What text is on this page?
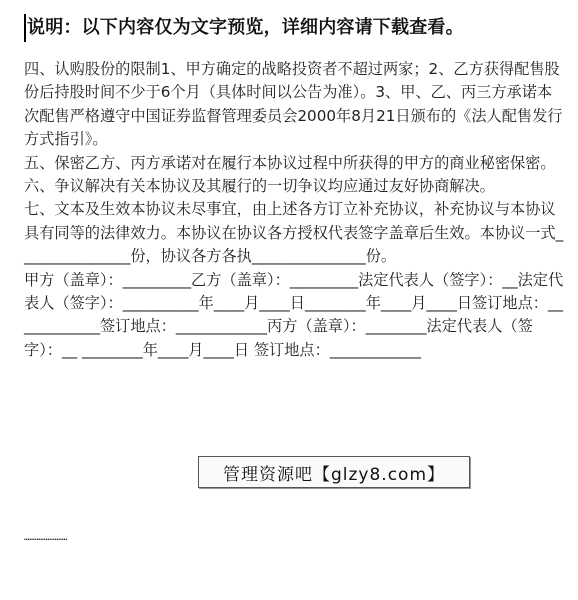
说明：以下内容仅为文字预览，详细内容请下载查看。

四、认购股份的限制1、甲方确定的战略投资者不超过两家；2、乙方获得配售股份后持股时间不少于6个月（具体时间以公告为准）。3、甲、乙、丙三方承诺本次配售严格遵守中国证券监督管理委员会2000年8月21日颁布的《法人配售发行方式指引》。

五、保密乙方、丙方承诺对在履行本协议过程中所获得的甲方的商业秘密保密。

六、争议解决有关本协议及其履行的一切争议均应通过友好协商解决。

七、文本及生效本协议未尽事宜，由上述各方订立补充协议，补充协议与本协议具有同等的法律效力。本协议在协议各方授权代表签字盖章后生效。本协议一式_______________份，协议各方各执_______________份。

甲方（盖章）：_________乙方（盖章）：_________法定代表人（签字）：__法定代表人（签字）：__________年____月____日________年____月____日签订地点：____________签订地点：____________丙方（盖章）：________法定代表人（签字）：__ ________年____月____日 签订地点：____________

……………………
管理资源吧【glzy8.com】
